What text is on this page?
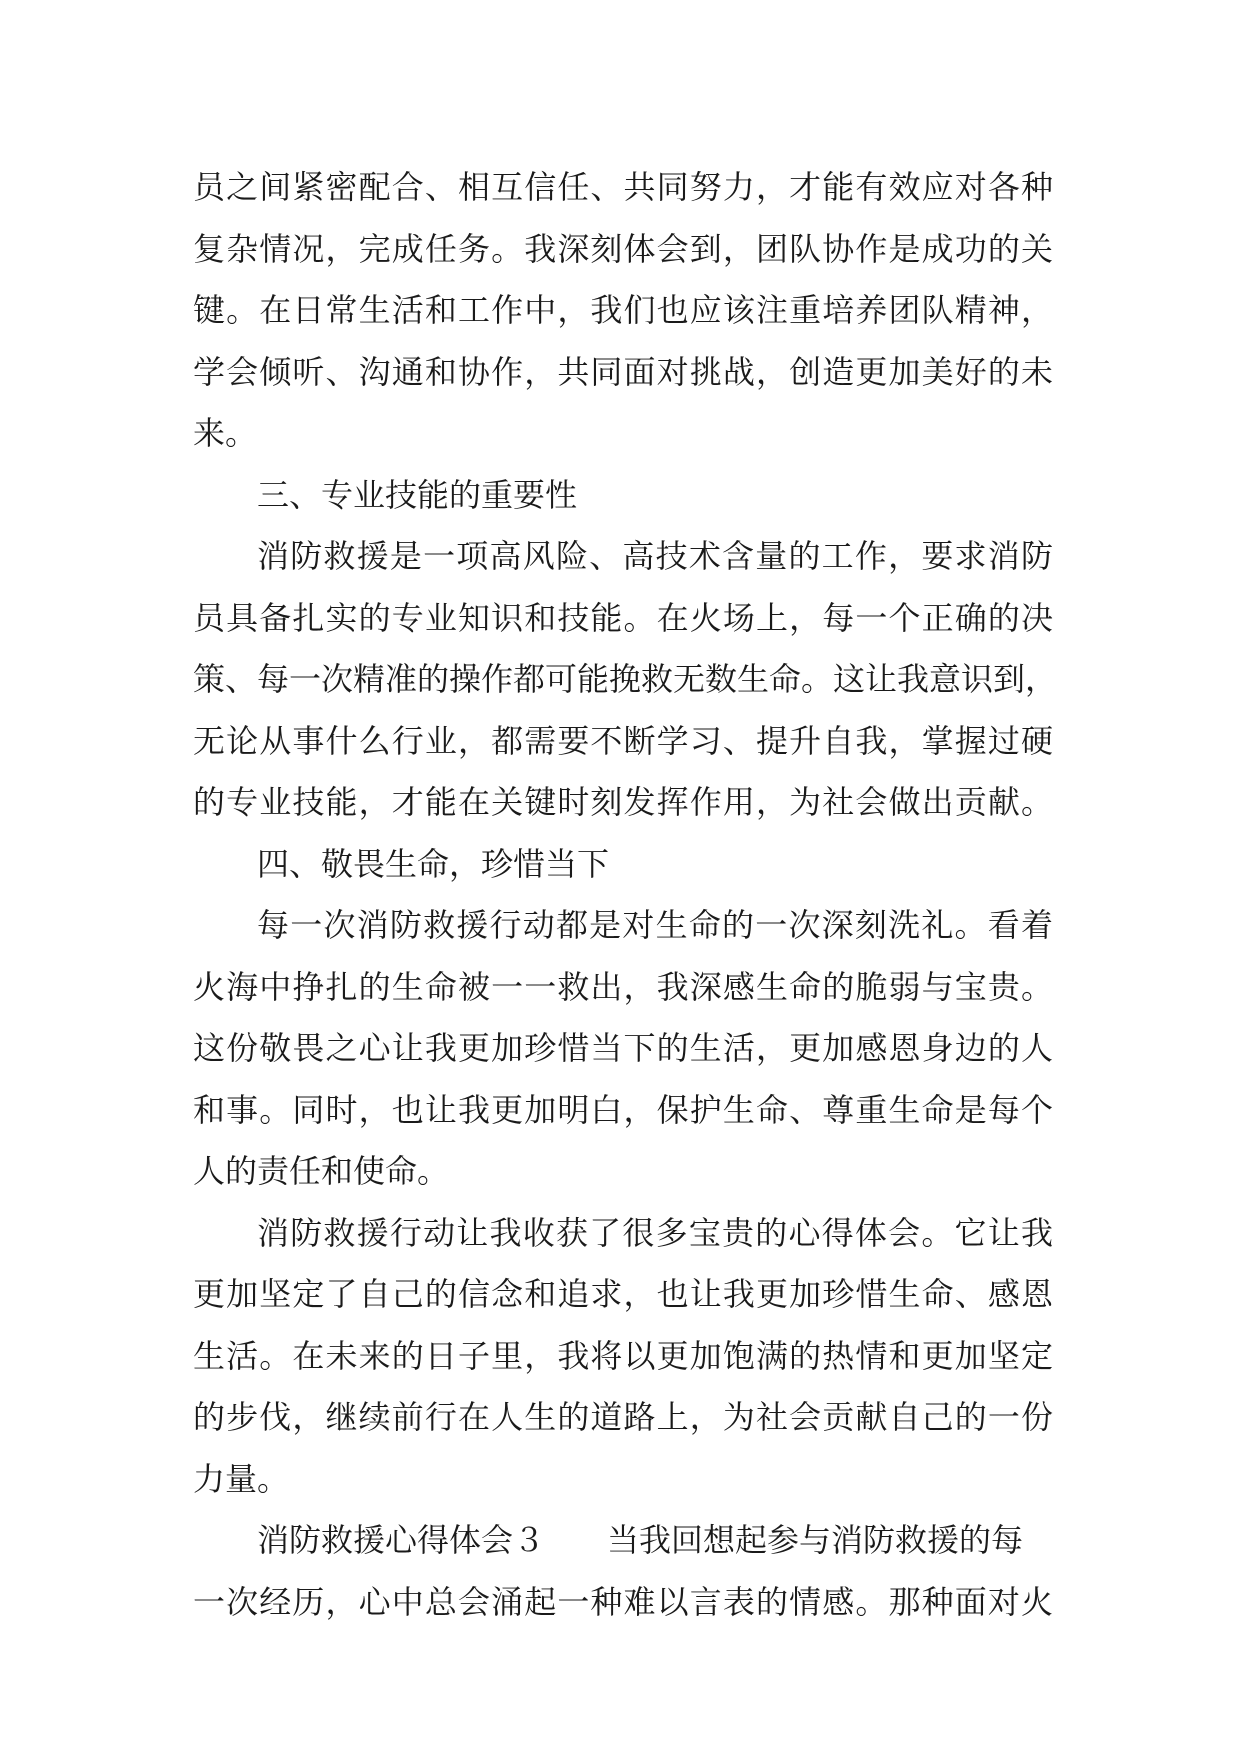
员之间紧密配合、相互信任、共同努力，才能有效应对各种
复杂情况，完成任务。我深刻体会到，团队协作是成功的关
键。在日常生活和工作中，我们也应该注重培养团队精神，
学会倾听、沟通和协作，共同面对挑战，创造更加美好的未
来。
三、专业技能的重要性
消防救援是一项高风险、高技术含量的工作，要求消防
员具备扎实的专业知识和技能。在火场上，每一个正确的决
策、每一次精准的操作都可能挽救无数生命。这让我意识到，
无论从事什么行业，都需要不断学习、提升自我，掌握过硬
的专业技能，才能在关键时刻发挥作用，为社会做出贡献。
四、敬畏生命，珍惜当下
每一次消防救援行动都是对生命的一次深刻洗礼。看着
火海中挣扎的生命被一一救出，我深感生命的脆弱与宝贵。
这份敬畏之心让我更加珍惜当下的生活，更加感恩身边的人
和事。同时，也让我更加明白，保护生命、尊重生命是每个
人的责任和使命。
消防救援行动让我收获了很多宝贵的心得体会。它让我
更加坚定了自己的信念和追求，也让我更加珍惜生命、感恩
生活。在未来的日子里，我将以更加饱满的热情和更加坚定
的步伐，继续前行在人生的道路上，为社会贡献自己的一份
力量。
消防救援心得体会３ 当我回想起参与消防救援的每
一次经历，心中总会涌起一种难以言表的情感。那种面对火
